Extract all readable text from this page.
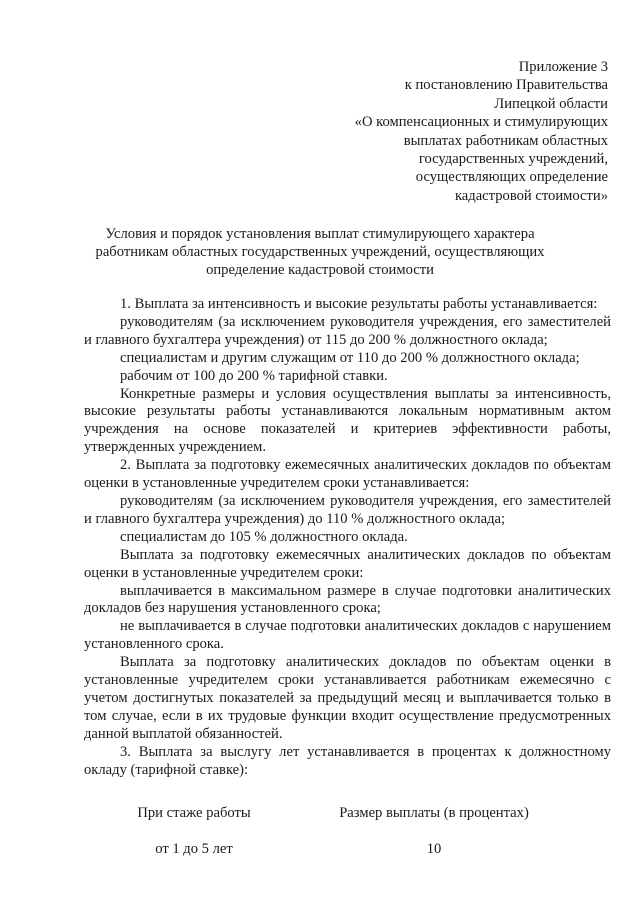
Приложение 3
к постановлению Правительства
Липецкой области
«О компенсационных и стимулирующих
выплатах работникам областных
государственных учреждений,
осуществляющих определение
кадастровой стоимости»
Условия и порядок установления выплат стимулирующего характера
работникам областных государственных учреждений, осуществляющих
определение кадастровой стоимости

1. Выплата за интенсивность и высокие результаты работы устанавливается:

руководителям (за исключением руководителя учреждения, его заместителей и главного бухгалтера учреждения) от 115 до 200 % должностного оклада;

специалистам и другим служащим от 110 до 200 % должностного оклада;

рабочим от 100 до 200 % тарифной ставки.

Конкретные размеры и условия осуществления выплаты за интенсивность, высокие результаты работы устанавливаются локальным нормативным актом учреждения на основе показателей и критериев эффективности работы, утвержденных учреждением.

2. Выплата за подготовку ежемесячных аналитических докладов по объектам оценки в установленные учредителем сроки устанавливается:

руководителям (за исключением руководителя учреждения, его заместителей и главного бухгалтера учреждения) до 110 % должностного оклада;

специалистам до 105 % должностного оклада.

Выплата за подготовку ежемесячных аналитических докладов по объектам оценки в установленные учредителем сроки:

выплачивается в максимальном размере в случае подготовки аналитических докладов без нарушения установленного срока;

не выплачивается в случае подготовки аналитических докладов с нарушением установленного срока.

Выплата за подготовку аналитических докладов по объектам оценки в установленные учредителем сроки устанавливается работникам ежемесячно с учетом достигнутых показателей за предыдущий месяц и выплачивается только в том случае, если в их трудовые функции входит осуществление предусмотренных данной выплатой обязанностей.

3. Выплата за выслугу лет устанавливается в процентах к должностному окладу (тарифной ставке):

При стаже работы	Размер выплаты (в процентах)
от 1 до 5 лет	10
